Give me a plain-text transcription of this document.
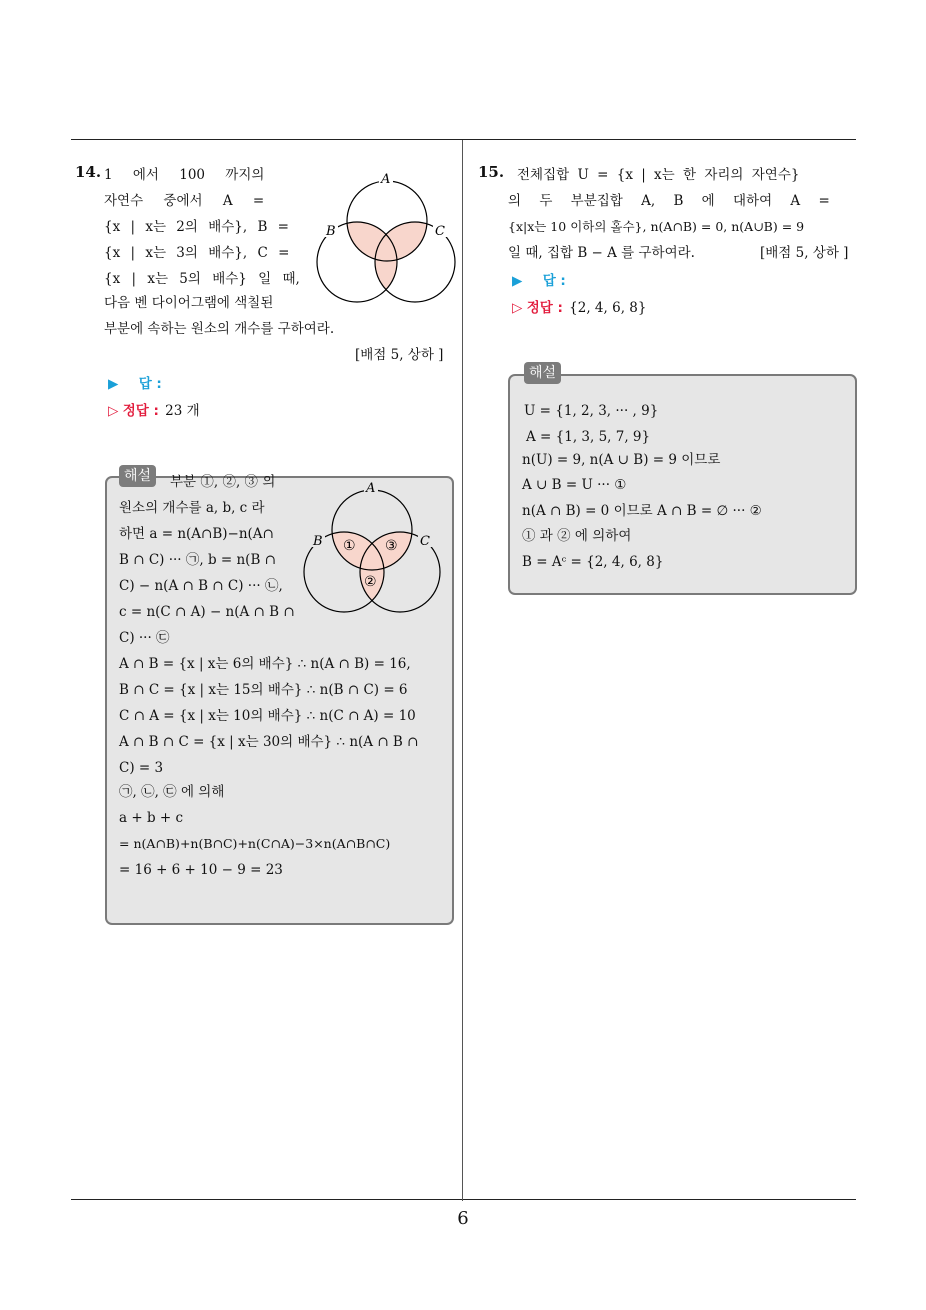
14. 1 에서 100 까지의
자연수 중에서 A =
{x | x는 2의 배수}, B =
{x | x는 3의 배수}, C =
{x | x는 5의 배수} 일 때,
다음 벤 다이어그램에 색칠된
부분에 속하는 원소의 개수를 구하여라.
[배점 5, 상하 ]
A
B	C
▶ 답 :
▷ 정답 : 23 개
해설	부분 ①, ②, ③ 의
원소의 개수를 a, b, c 라
하면 a = n(A∩B)−n(A∩
B ∩ C) ··· ㉠, b = n(B ∩
C) − n(A ∩ B ∩ C) ··· ㉡,
c = n(C ∩ A) − n(A ∩ B ∩
C) ··· ㉢
A ∩ B = {x | x는 6의 배수} ∴ n(A ∩ B) = 16,
B ∩ C = {x | x는 15의 배수} ∴ n(B ∩ C) = 6
C ∩ A = {x | x는 10의 배수} ∴ n(C ∩ A) = 10
A ∩ B ∩ C = {x | x는 30의 배수} ∴ n(A ∩ B ∩
C) = 3
㉠, ㉡, ㉢ 에 의해
a + b + c
= n(A∩B)+n(B∩C)+n(C∩A)−3×n(A∩B∩C)
= 16 + 6 + 10 − 9 = 23
A
B	C
① ③
②
15. 전체집합 U = {x | x는 한 자리의 자연수}
의 두 부분집합 A, B 에 대하여 A =
{x|x는 10 이하의 홀수}, n(A∩B) = 0, n(A∪B) = 9
일 때, 집합 B − A 를 구하여라.	[배점 5, 상하 ]
▶ 답 :
▷ 정답 : {2, 4, 6, 8}
해설
U = {1, 2, 3, ··· , 9}
A = {1, 3, 5, 7, 9}
n(U) = 9, n(A ∪ B) = 9 이므로
A ∪ B = U ··· ①
n(A ∩ B) = 0 이므로 A ∩ B = ∅ ··· ②
① 과 ② 에 의하여
B = Aᶜ = {2, 4, 6, 8}
6
